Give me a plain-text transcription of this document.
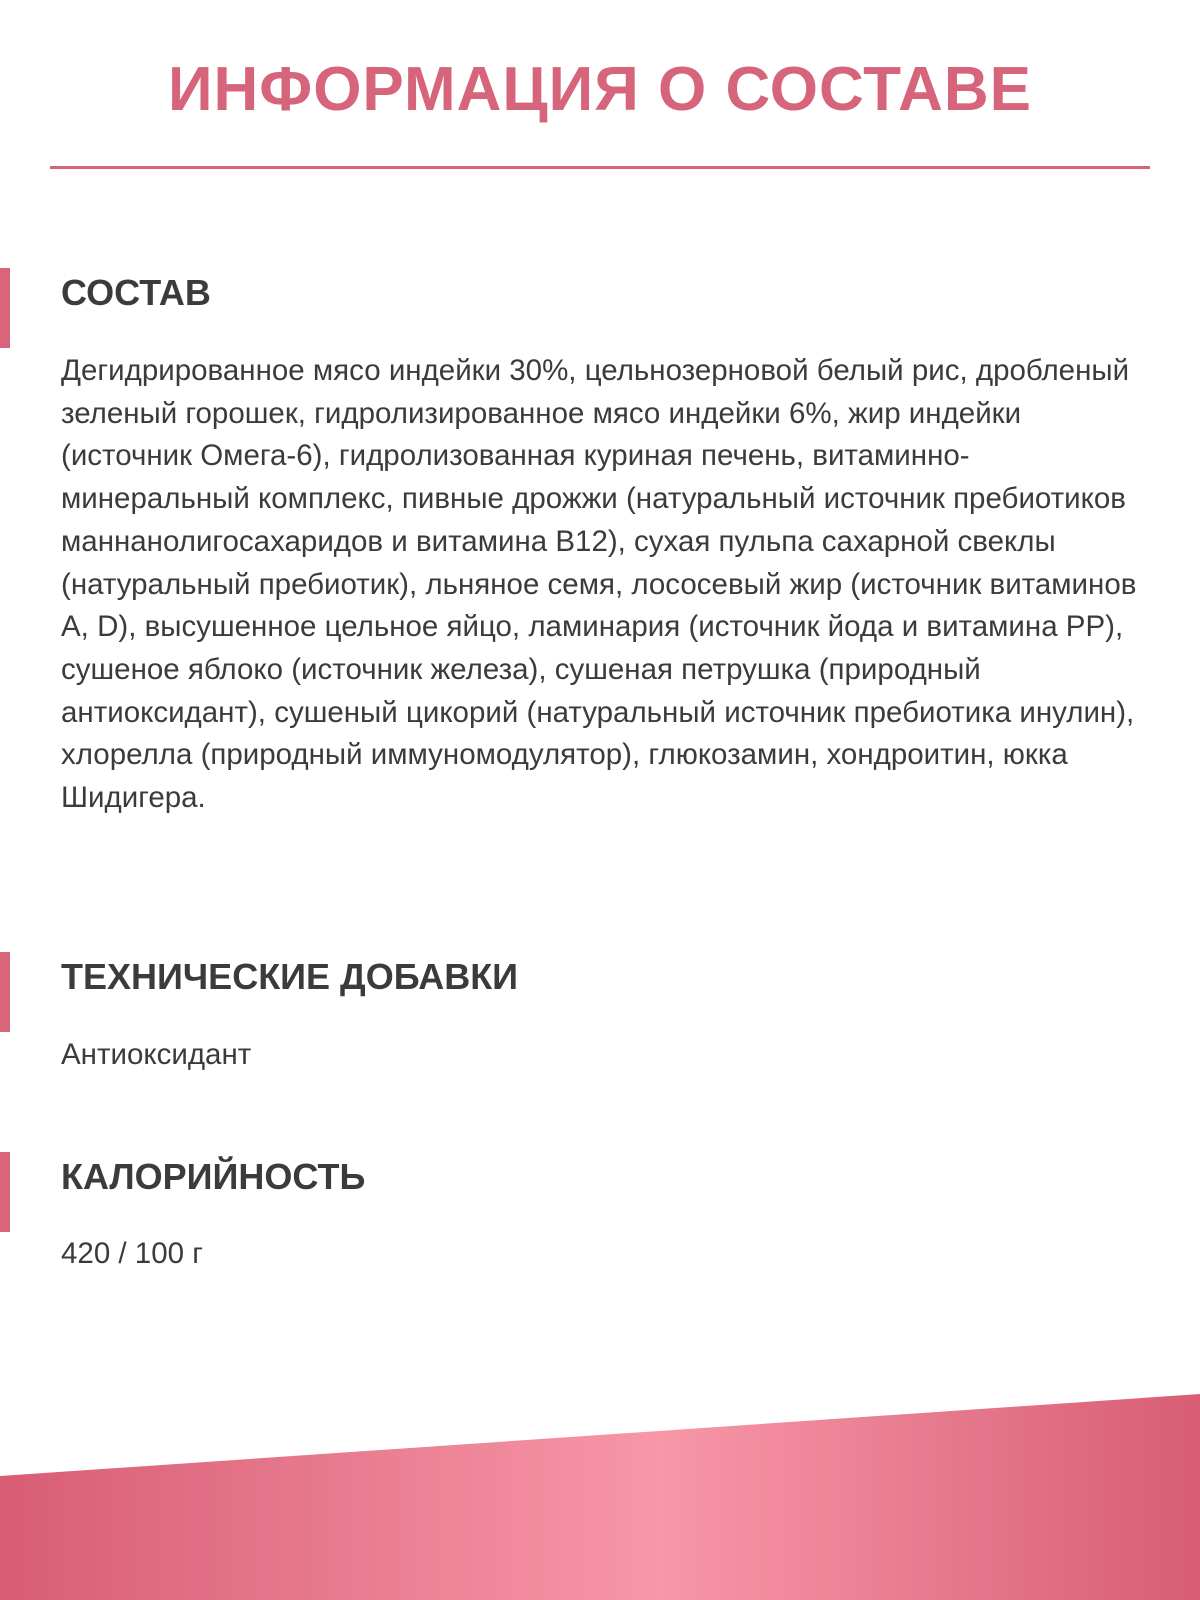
ИНФОРМАЦИЯ О СОСТАВЕ
СОСТАВ

Дегидрированное мясо индейки 30%, цельнозерновой белый рис, дробленый зеленый горошек, гидролизированное мясо индейки 6%, жир индейки (источник Омега-6), гидролизованная куриная печень, витаминно-минеральный комплекс, пивные дрожжи (натуральный источник пребиотиков маннанолигосахаридов и витамина В12), сухая пульпа сахарной свеклы (натуральный пребиотик), льняное семя, лососевый жир (источник витаминов А, D), высушенное цельное яйцо, ламинария (источник йода и витамина РР), сушеное яблоко (источник железа), сушеная петрушка (природный антиоксидант), сушеный цикорий (натуральный источник пребиотика инулин), хлорелла (природный иммуномодулятор), глюкозамин, хондроитин, юкка Шидигера.

ТЕХНИЧЕСКИЕ ДОБАВКИ

Антиоксидант

КАЛОРИЙНОСТЬ

420 / 100 г
